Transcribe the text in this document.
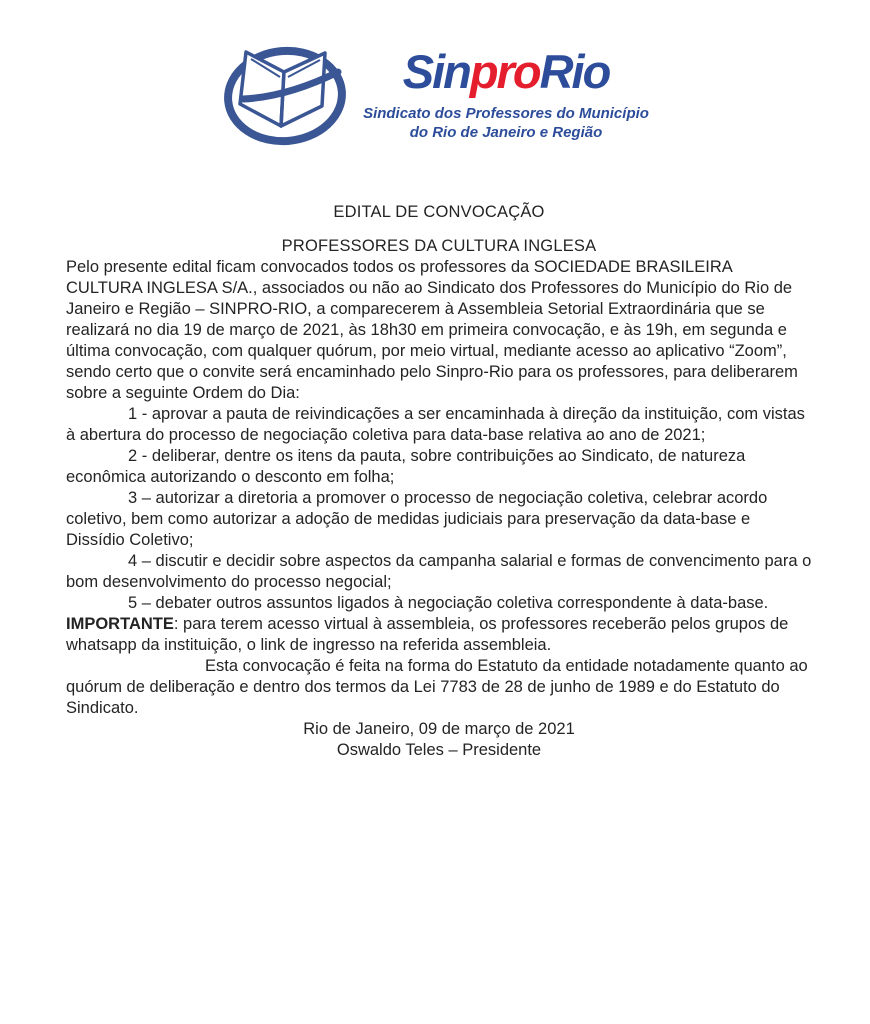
SinproRio
Sindicato dos Professores do Município
do Rio de Janeiro e Região
EDITAL DE CONVOCAÇÃO
PROFESSORES DA CULTURA INGLESA

Pelo presente edital ficam convocados todos os professores da SOCIEDADE BRASILEIRA CULTURA INGLESA S/A., associados ou não ao Sindicato dos Professores do Município do Rio de Janeiro e Região – SINPRO-RIO, a comparecerem à Assembleia Setorial Extraordinária que se realizará no dia 19 de março de 2021, às 18h30 em primeira convocação, e às 19h, em segunda e última convocação, com qualquer quórum, por meio virtual, mediante acesso ao aplicativo “Zoom”, sendo certo que o convite será encaminhado pelo Sinpro-Rio para os professores, para deliberarem sobre a seguinte Ordem do Dia:

1 - aprovar a pauta de reivindicações a ser encaminhada à direção da instituição, com vistas à abertura do processo de negociação coletiva para data-base relativa ao ano de 2021;

2 - deliberar, dentre os itens da pauta, sobre contribuições ao Sindicato, de natureza econômica autorizando o desconto em folha;

3 – autorizar a diretoria a promover o processo de negociação coletiva, celebrar acordo coletivo, bem como autorizar a adoção de medidas judiciais para preservação da data-base e Dissídio Coletivo;

4 – discutir e decidir sobre aspectos da campanha salarial e formas de convencimento para o bom desenvolvimento do processo negocial;

5 – debater outros assuntos ligados à negociação coletiva correspondente à data-base.

IMPORTANTE: para terem acesso virtual à assembleia, os professores receberão pelos grupos de whatsapp da instituição, o link de ingresso na referida assembleia.

Esta convocação é feita na forma do Estatuto da entidade notadamente quanto ao quórum de deliberação e dentro dos termos da Lei 7783 de 28 de junho de 1989 e do Estatuto do Sindicato.

Rio de Janeiro, 09 de março de 2021

Oswaldo Teles – Presidente
